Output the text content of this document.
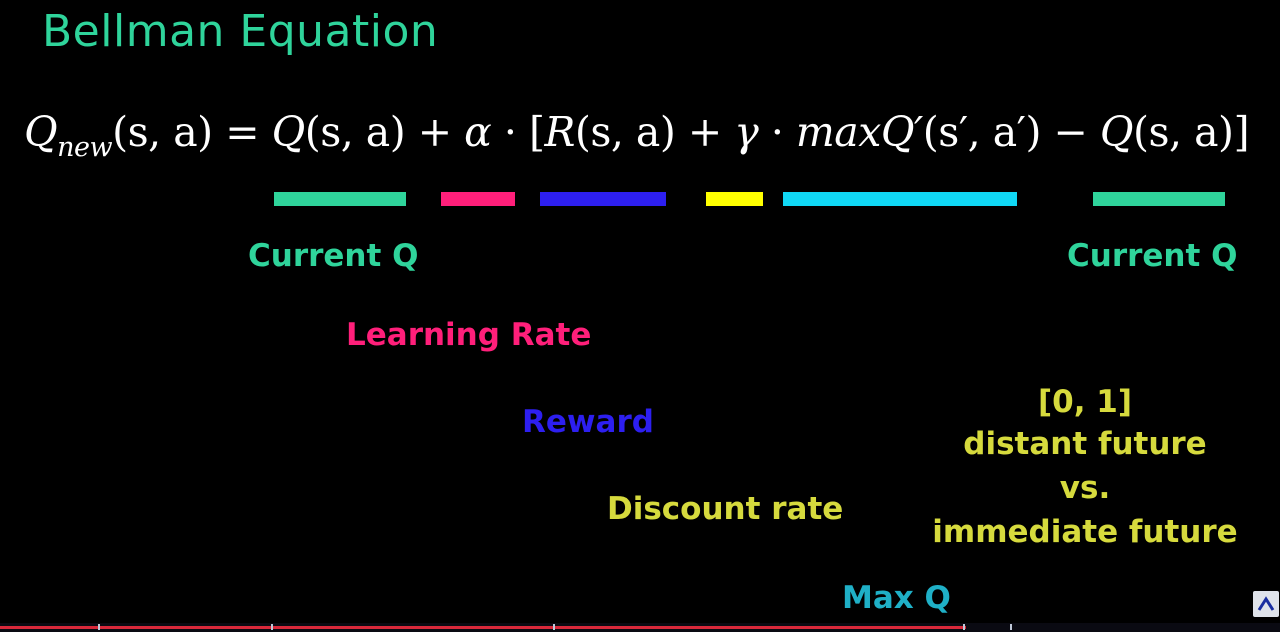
Bellman Equation
$Q_{new}(s$, a) = Q(s, a) + α · [R(s, a) + γ · maxQ′(s′, a′) − Q(s, a)]
Current Q	Current Q
Learning Rate
Reward
Discount rate
Max Q
[0, 1]
distant future
vs.
immediate future
